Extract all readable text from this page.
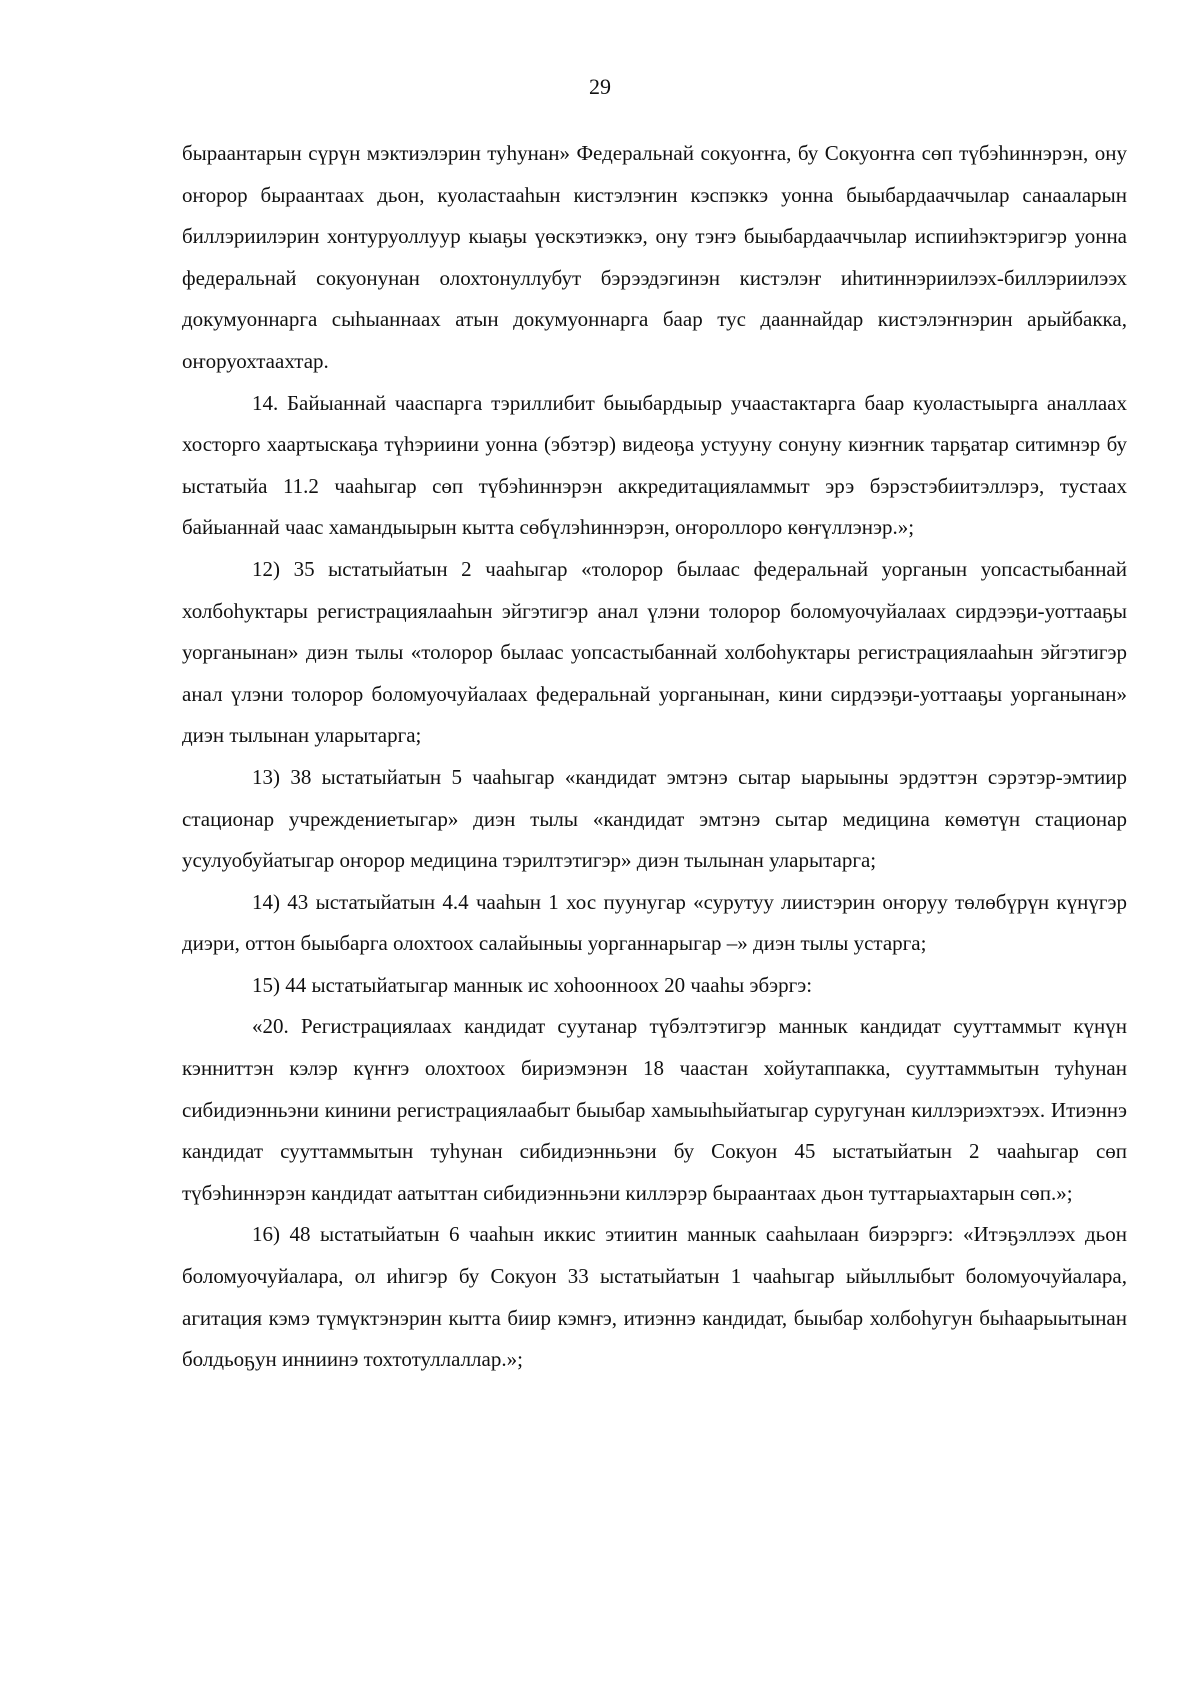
29

быраантарын сүрүн мэктиэлэрин туһунан» Федеральнай сокуоҥҥа, бу Сокуоҥҥа сөп түбэһиннэрэн, ону оҥорор быраантаах дьон, куоластааһын кистэлэҥин кэспэккэ уонна быыбардааччылар санааларын биллэриилэрин хонтуруоллуур кыаҕы үөскэтиэккэ, ону тэҥэ быыбардааччылар испииһэктэригэр уонна федеральнай сокуонунан олохтонуллубут бэрээдэгинэн кистэлэҥ иһитиннэриилээх-биллэриилээх докумуоннарга сыһыаннаах атын докумуоннарга баар тус дааннайдар кистэлэҥнэрин арыйбакка, оҥоруохтаахтар.

14. Байыаннай чааспарга тэриллибит быыбардыыр учаастактарга баар куоластыырга аналлаах хосторго хаартыскаҕа түһэриини уонна (эбэтэр) видеоҕа устууну сонуну киэҥник тарҕатар ситимнэр бу ыстатыйа 11.2 чааһыгар сөп түбэһиннэрэн аккредитацияламмыт эрэ бэрэстэбиитэллэрэ, тустаах байыаннай чаас хамандыырын кытта сөбүлэһиннэрэн, оҥороллоро көҥүллэнэр.»;

12) 35 ыстатыйатын 2 чааһыгар «толорор былаас федеральнай уорганын уопсастыбаннай холбоһуктары регистрациялааһын эйгэтигэр анал үлэни толорор боломуочуйалаах сирдээҕи-уоттааҕы уорганынан» диэн тылы «толорор былаас уопсастыбаннай холбоһуктары регистрациялааһын эйгэтигэр анал үлэни толорор боломуочуйалаах федеральнай уорганынан, кини сирдээҕи-уоттааҕы уорганынан» диэн тылынан уларытарга;

13) 38 ыстатыйатын 5 чааһыгар «кандидат эмтэнэ сытар ыарыыны эрдэттэн сэрэтэр-эмтиир стационар учреждениетыгар» диэн тылы «кандидат эмтэнэ сытар медицина көмөтүн стационар усулуобуйатыгар оҥорор медицина тэрилтэтигэр» диэн тылынан уларытарга;

14) 43 ыстатыйатын 4.4 чааһын 1 хос пуунугар «сурутуу лиистэрин оҥоруу төлөбүрүн күнүгэр диэри, оттон быыбарга олохтоох салайыныы уорганнарыгар –» диэн тылы устарга;

15) 44 ыстатыйатыгар маннык ис хоһоонноох 20 чааһы эбэргэ:

«20. Регистрациялаах кандидат суутанар түбэлтэтигэр маннык кандидат сууттаммыт күнүн кэнниттэн кэлэр күҥҥэ олохтоох бириэмэнэн 18 чаастан хойутаппакка, сууттаммытын туһунан сибидиэнньэни кинини регистрациялаабыт быыбар хамыыһыйатыгар суругунан киллэриэхтээх. Итиэннэ кандидат сууттаммытын туһунан сибидиэнньэни бу Сокуон 45 ыстатыйатын 2 чааһыгар сөп түбэһиннэрэн кандидат аатыттан сибидиэнньэни киллэрэр быраантаах дьон туттарыахтарын сөп.»;

16) 48 ыстатыйатын 6 чааһын иккис этиитин маннык сааһылаан биэрэргэ: «Итэҕэллээх дьон боломуочуйалара, ол иһигэр бу Сокуон 33 ыстатыйатын 1 чааһыгар ыйыллыбыт боломуочуйалара, агитация кэмэ түмүктэнэрин кытта биир кэмҥэ, итиэннэ кандидат, быыбар холбоһугун быһаарыытынан болдьоҕун инниинэ тохтотуллаллар.»;
